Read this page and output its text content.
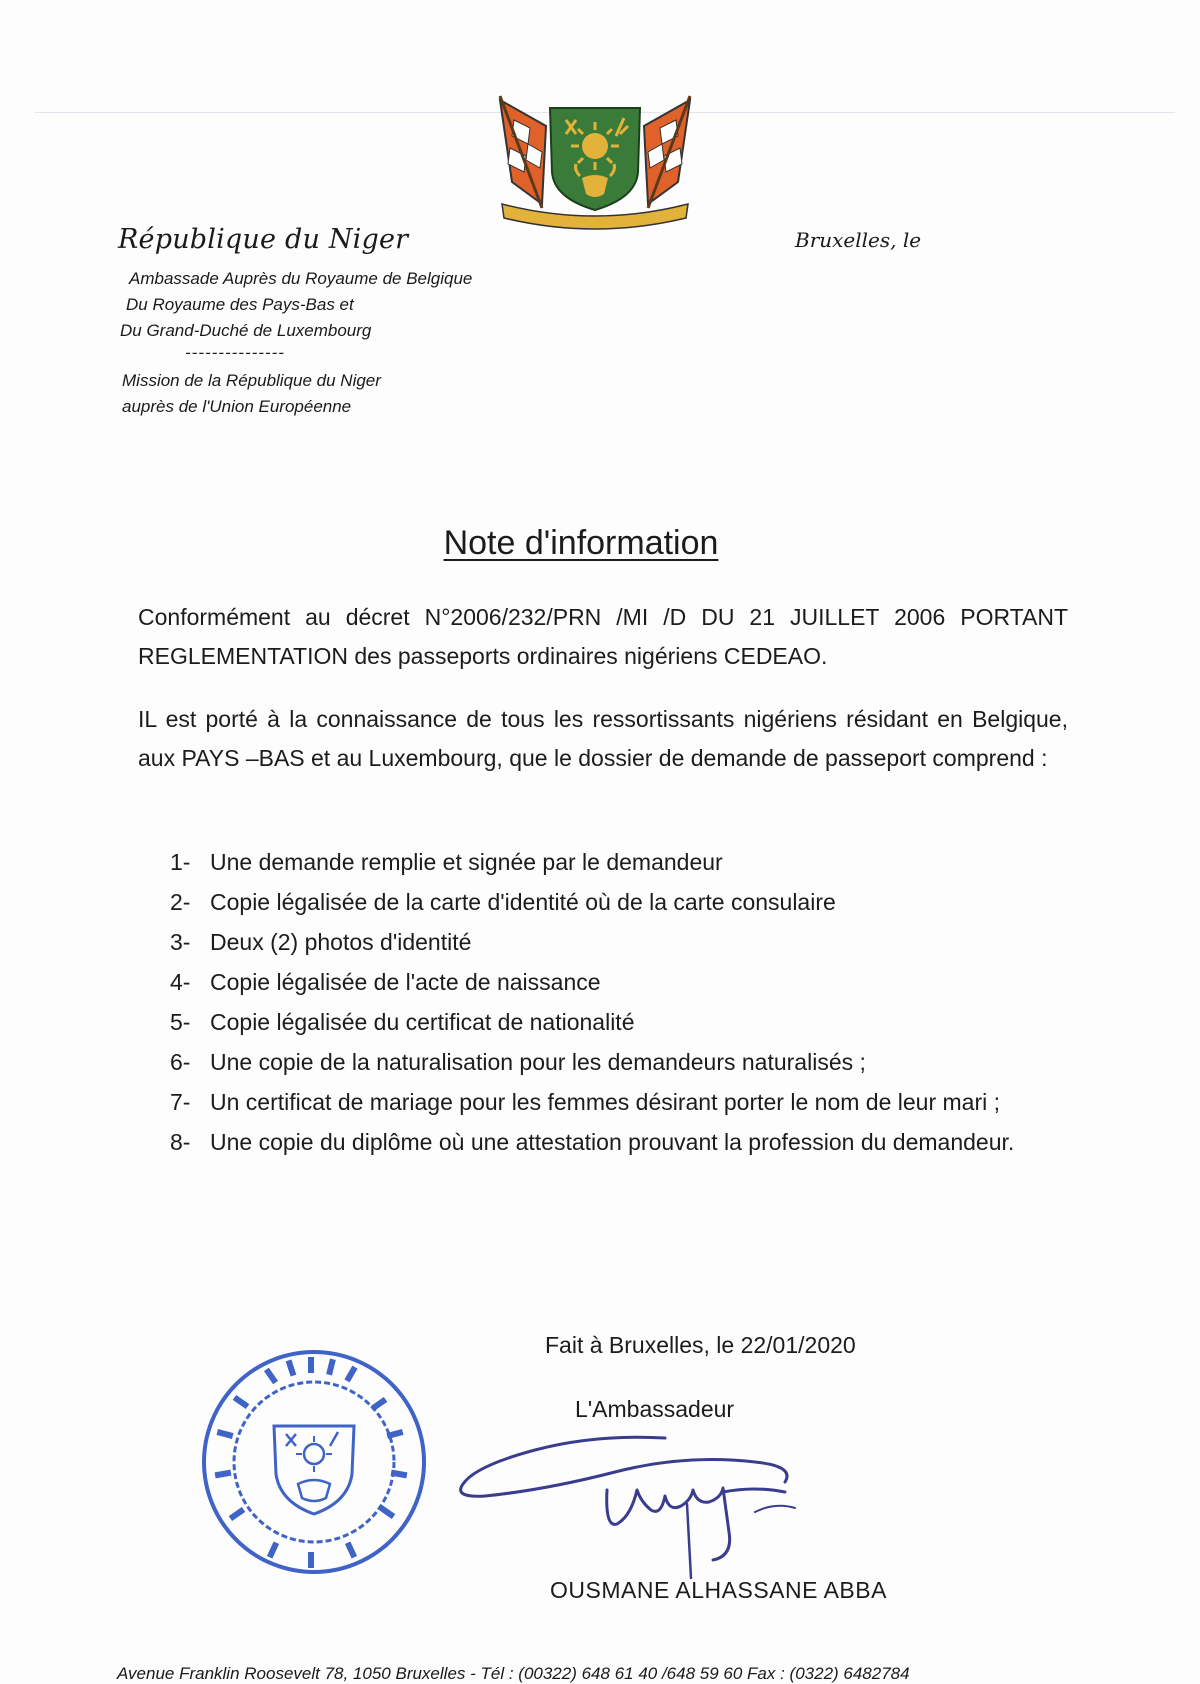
République du Niger	Bruxelles, le
Ambassade Auprès du Royaume de Belgique
Du Royaume des Pays-Bas et
Du Grand-Duché de Luxembourg
---------------
Mission de la République du Niger
auprès de l'Union Européenne
Note d'information
Conformément au décret N°2006/232/PRN /MI /D DU 21 JUILLET 2006 PORTANT REGLEMENTATION des passeports ordinaires nigériens CEDEAO.
IL est porté à la connaissance de tous les ressortissants nigériens résidant en Belgique, aux PAYS –BAS et au Luxembourg, que le dossier de demande de passeport comprend :
1- Une demande remplie et signée par le demandeur
2- Copie légalisée de la carte d'identité où de la carte consulaire
3- Deux (2) photos d'identité
4- Copie légalisée de l'acte de naissance
5- Copie légalisée du certificat de nationalité
6- Une copie de la naturalisation pour les demandeurs naturalisés ;
7- Un certificat de mariage pour les femmes désirant porter le nom de leur mari ;
8- Une copie du diplôme où une attestation prouvant la profession du demandeur.
Fait à Bruxelles, le 22/01/2020
L'Ambassadeur
OUSMANE ALHASSANE ABBA
Avenue Franklin Roosevelt 78, 1050 Bruxelles - Tél : (00322) 648 61 40 /648 59 60 Fax : (0322) 6482784
